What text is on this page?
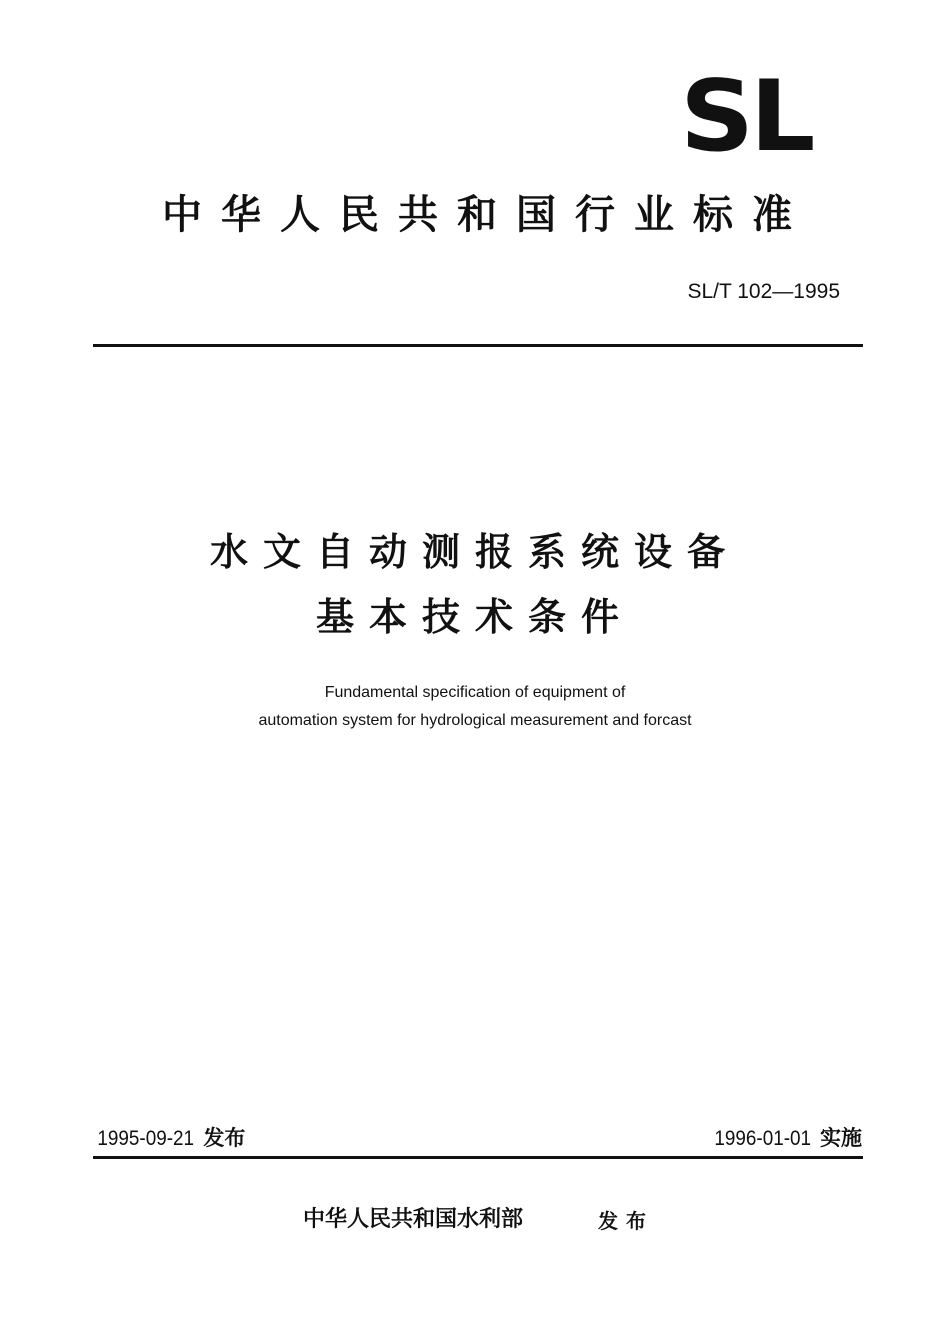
SL
中华人民共和国行业标准
SL/T 102—1995
水文自动测报系统设备
基本技术条件
Fundamental specification of equipment of
automation system for hydrological measurement and forcast
1995-09-21 发布	1996-01-01 实施
中华人民共和国水利部	发布
